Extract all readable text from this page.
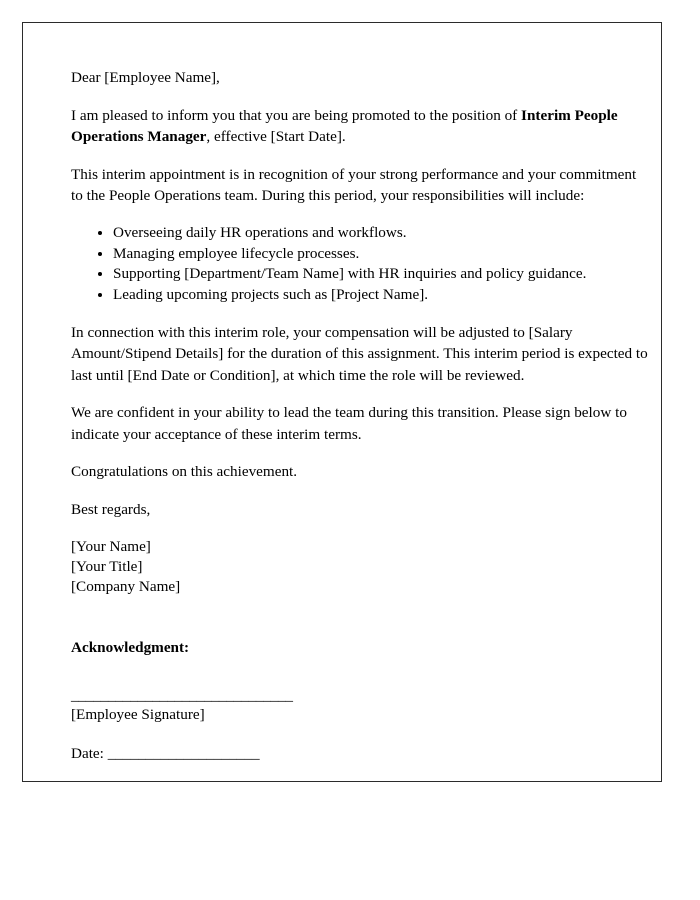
Dear [Employee Name],

I am pleased to inform you that you are being promoted to the position of Interim People Operations Manager, effective [Start Date].

This interim appointment is in recognition of your strong performance and your commitment to the People Operations team. During this period, your responsibilities will include:

• Overseeing daily HR operations and workflows.
• Managing employee lifecycle processes.
• Supporting [Department/Team Name] with HR inquiries and policy guidance.
• Leading upcoming projects such as [Project Name].

In connection with this interim role, your compensation will be adjusted to [Salary Amount/Stipend Details] for the duration of this assignment. This interim period is expected to last until [End Date or Condition], at which time the role will be reviewed.

We are confident in your ability to lead the team during this transition. Please sign below to indicate your acceptance of these interim terms.

Congratulations on this achievement.

Best regards,

[Your Name]
[Your Title]
[Company Name]

Acknowledgment:

______________________________

[Employee Signature]

Date: ____________________
